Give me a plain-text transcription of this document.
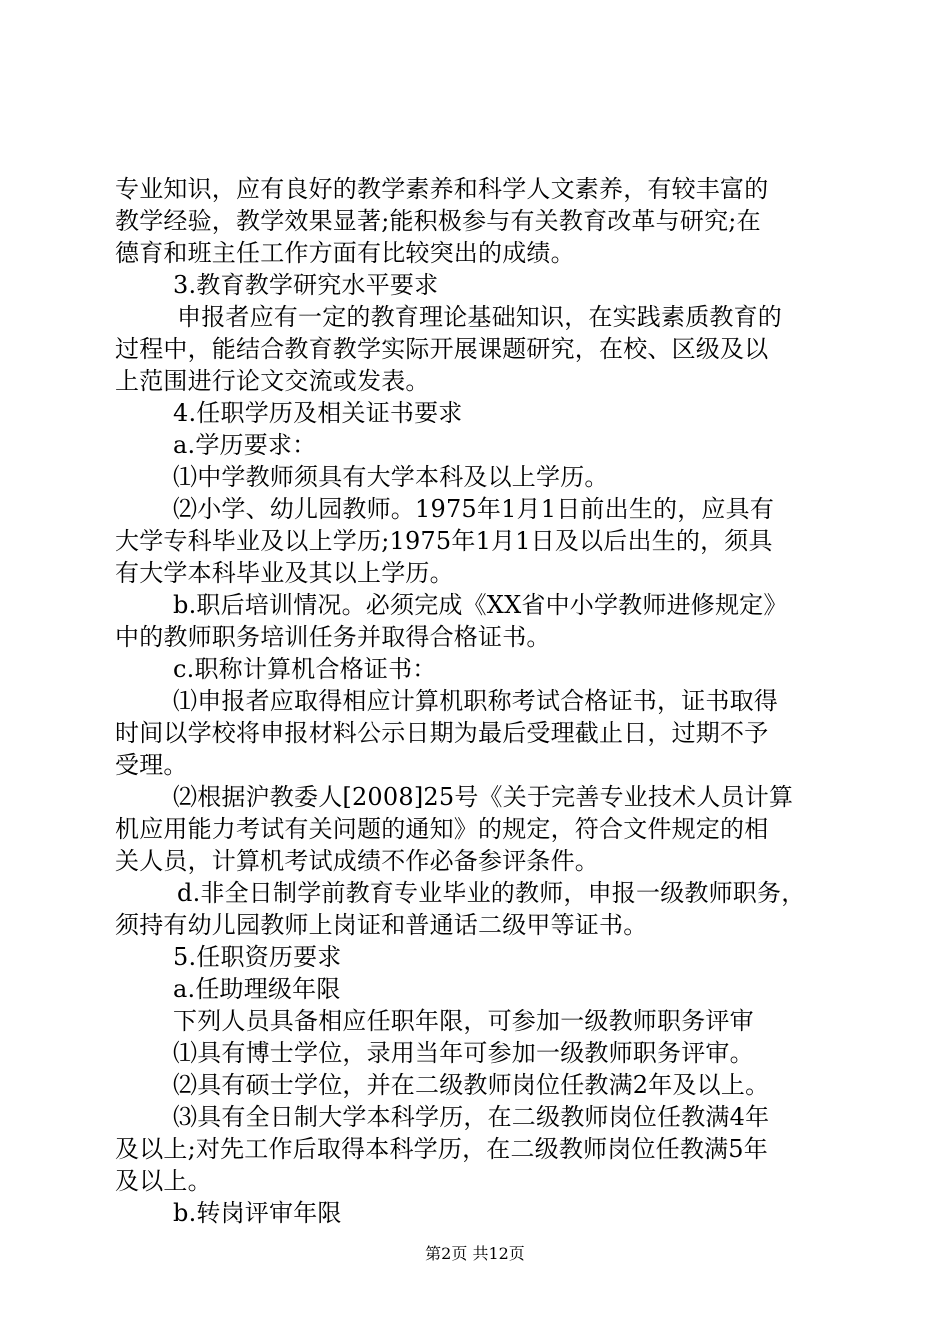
专业知识，应有良好的教学素养和科学人文素养，有较丰富的
教学经验，教学效果显著;能积极参与有关教育改革与研究;在
德育和班主任工作方面有比较突出的成绩。
3.教育教学研究水平要求
申报者应有一定的教育理论基础知识，在实践素质教育的
过程中，能结合教育教学实际开展课题研究，在校、区级及以
上范围进行论文交流或发表。
4.任职学历及相关证书要求
a.学历要求：
⑴中学教师须具有大学本科及以上学历。
⑵小学、幼儿园教师。1975年1月1日前出生的，应具有
大学专科毕业及以上学历;1975年1月1日及以后出生的，须具
有大学本科毕业及其以上学历。
b.职后培训情况。必须完成《XX省中小学教师进修规定》
中的教师职务培训任务并取得合格证书。
c.职称计算机合格证书：
⑴申报者应取得相应计算机职称考试合格证书，证书取得
时间以学校将申报材料公示日期为最后受理截止日，过期不予
受理。
⑵根据沪教委人[2008]25号《关于完善专业技术人员计算
机应用能力考试有关问题的通知》的规定，符合文件规定的相
关人员，计算机考试成绩不作必备参评条件。
d.非全日制学前教育专业毕业的教师，申报一级教师职务，
须持有幼儿园教师上岗证和普通话二级甲等证书。
5.任职资历要求
a.任助理级年限
下列人员具备相应任职年限，可参加一级教师职务评审
⑴具有博士学位，录用当年可参加一级教师职务评审。
⑵具有硕士学位，并在二级教师岗位任教满2年及以上。
⑶具有全日制大学本科学历，在二级教师岗位任教满4年
及以上;对先工作后取得本科学历，在二级教师岗位任教满5年
及以上。
b.转岗评审年限
第2页 共12页
